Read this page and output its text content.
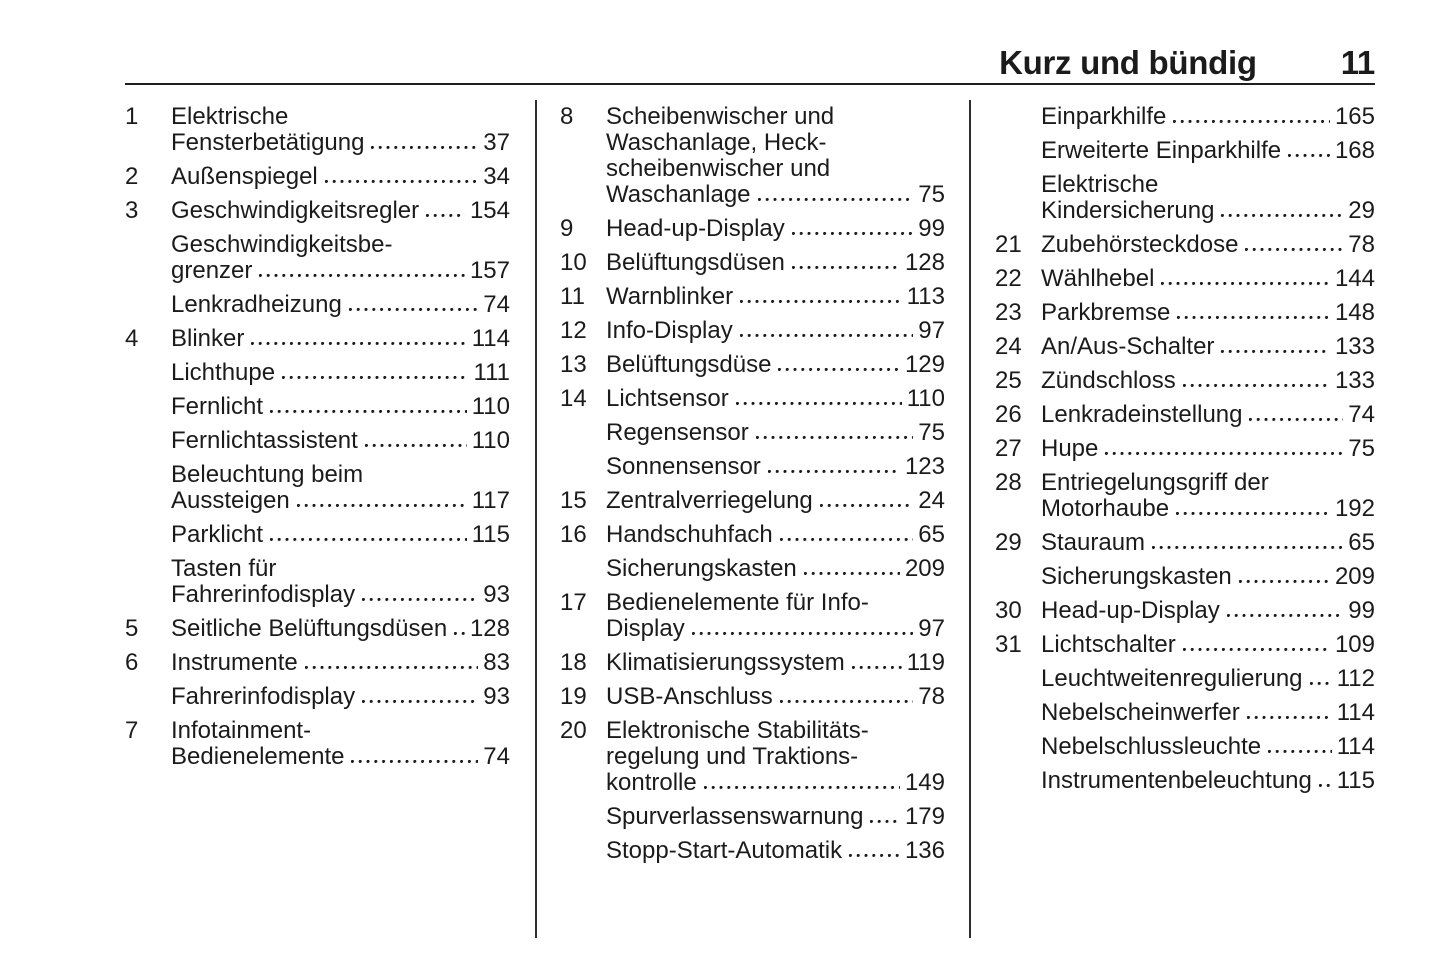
Kurz und bündig	11
1	Elektrische
Fensterbetätigung	37
2	Außenspiegel	34
3	Geschwindigkeitsregler 154
Geschwindigkeitsbe-
grenzer	157
Lenkradheizung	74
4	Blinker	114
Lichthupe	111
Fernlicht	110
Fernlichtassistent	110
Beleuchtung beim
Aussteigen	117
Parklicht	115
Tasten für
Fahrerinfodisplay	93
5	Seitliche Belüftungsdüsen 128
6	Instrumente	83
Fahrerinfodisplay	93
7	Infotainment-
Bedienelemente	74
8	Scheibenwischer und
Waschanlage, Heck-
scheibenwischer und
Waschanlage	75
9	Head-up-Display	99
10 Belüftungsdüsen	128
11 Warnblinker	113
12 Info-Display	97
13 Belüftungsdüse	129
14 Lichtsensor	110
Regensensor	75
Sonnensensor	123
15 Zentralverriegelung	24
16 Handschuhfach	65
Sicherungskasten	209
17 Bedienelemente für Info-
Display	97
18 Klimatisierungssystem	119
19 USB-Anschluss	78
20 Elektronische Stabilitäts-
regelung und Traktions-
kontrolle	149
Spurverlassenswarnung 179
Stopp-Start-Automatik	136
Einparkhilfe	165
Erweiterte Einparkhilfe 168
Elektrische
Kindersicherung	29
21 Zubehörsteckdose	78
22 Wählhebel	144
23 Parkbremse	148
24 An/Aus-Schalter	133
25 Zündschloss	133
26 Lenkradeinstellung	74
27 Hupe	75
28 Entriegelungsgriff der
Motorhaube	192
29 Stauraum	65
Sicherungskasten	209
30 Head-up-Display	99
31 Lichtschalter	109
Leuchtweitenregulierung 112
Nebelscheinwerfer	114
Nebelschlussleuchte	114
Instrumentenbeleuchtung 115
